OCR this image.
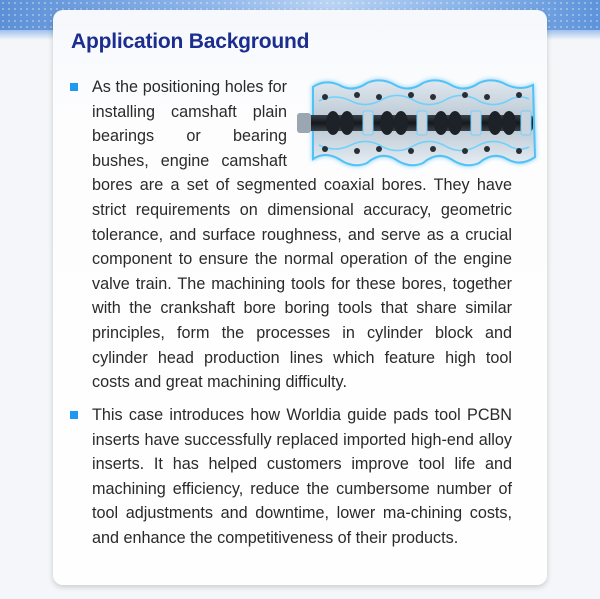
Application Background
As the positioning holes for installing camshaft plain bearings or bearing bushes, engine camshaft bores are a set of segmented coaxial bores. They have strict requirements on dimensional accuracy, geometric tolerance, and surface roughness, and serve as a crucial component to ensure the normal operation of the engine valve train. The machining tools for these bores, together with the crankshaft bore boring tools that share similar principles, form the processes in cylinder block and cylinder head production lines which feature high tool costs and great machining difficulty.
This case introduces how Worldia guide pads tool PCBN inserts have successfully replaced imported high-end alloy inserts. It has helped customers improve tool life and machining efficiency, reduce the cumbersome number of tool adjustments and downtime, lower ma-chining costs, and enhance the competitiveness of their products.
